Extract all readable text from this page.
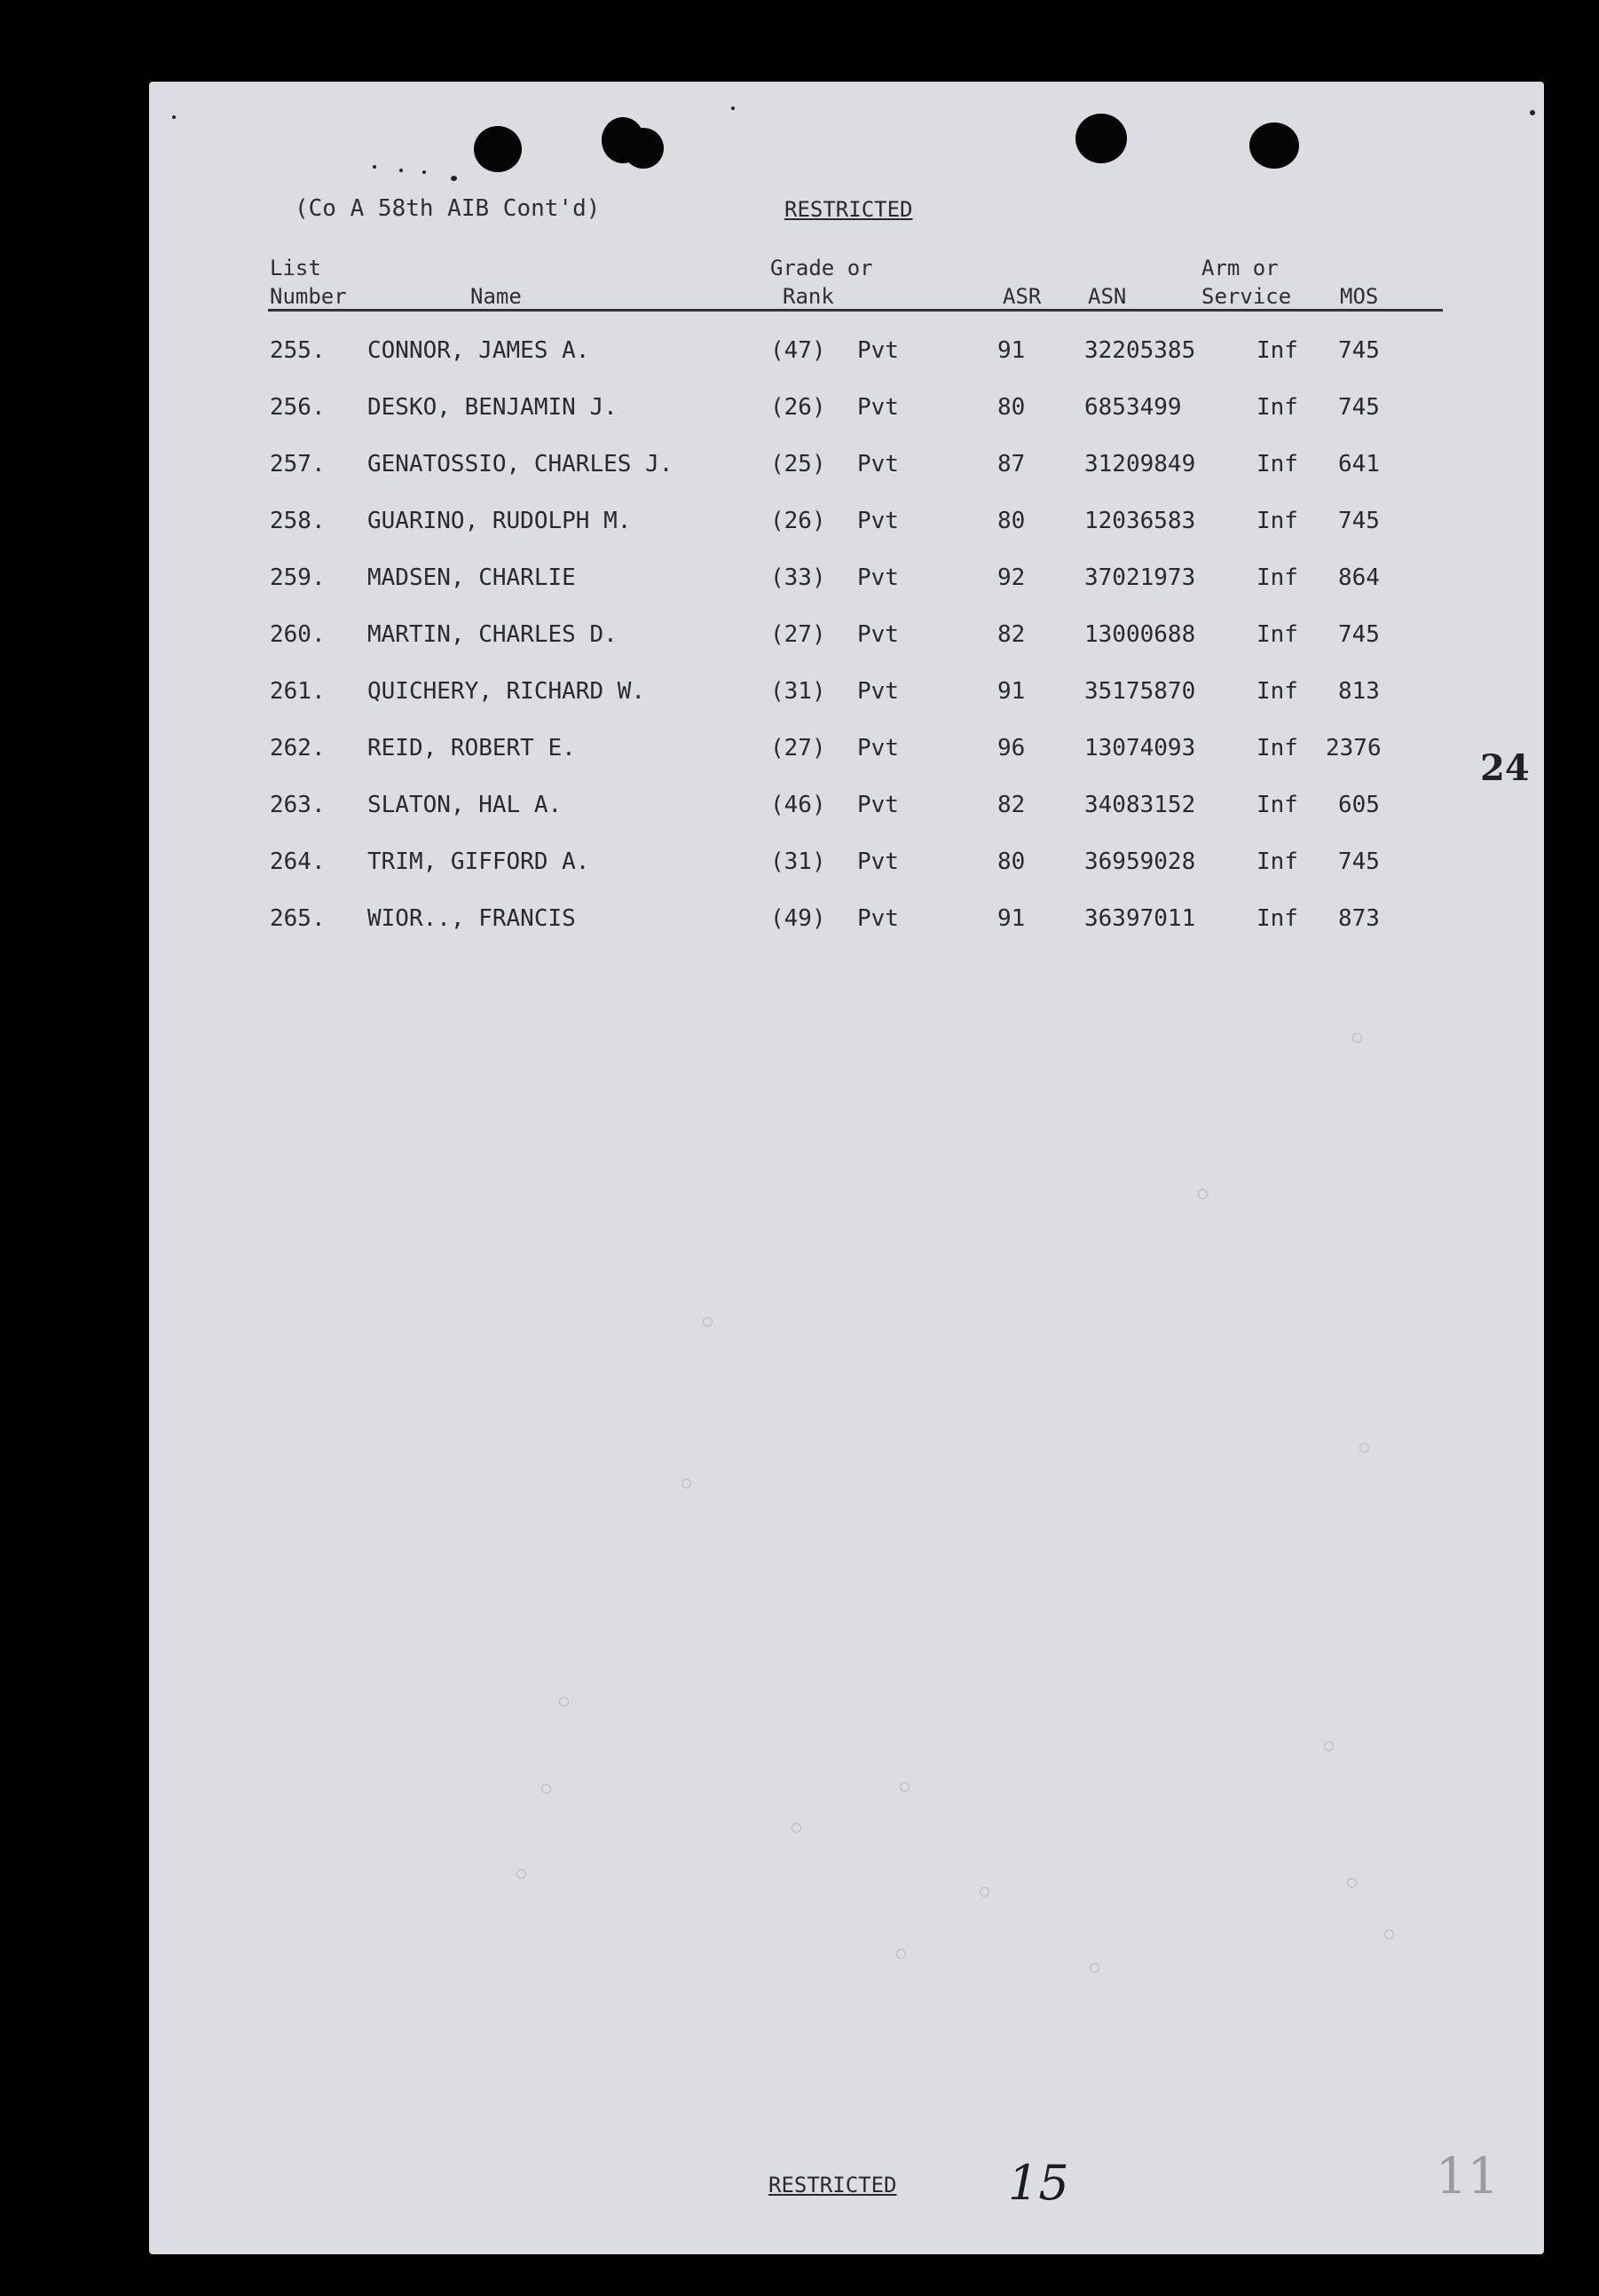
(Co A 58th AIB Cont'd)	RESTRICTED
List
Number	Name
Grade or
Rank	ASR ASN
Arm or
Service MOS
255. CONNOR, JAMES A.	(47) Pvt	91	32205385	Inf 745
256. DESKO, BENJAMIN J.	(26) Pvt	80	6853499	Inf 745
257. GENATOSSIO, CHARLES J.	(25) Pvt	87	31209849	Inf 641
258. GUARINO, RUDOLPH M.	(26) Pvt	80	12036583	Inf 745
259. MADSEN, CHARLIE	(33) Pvt	92	37021973	Inf 864
260. MARTIN, CHARLES D.	(27) Pvt	82	13000688	Inf 745
261. QUICHERY, RICHARD W.	(31) Pvt	91	35175870	Inf 813
262. REID, ROBERT E.	(27) Pvt	96	13074093	Inf 2376
263. SLATON, HAL A.	(46) Pvt	82	34083152	Inf 605
264. TRIM, GIFFORD A.	(31) Pvt	80	36959028	Inf 745
265. WIOR.., FRANCIS	(49) Pvt	91	36397011	Inf 873
RESTRICTED
24
15	11
